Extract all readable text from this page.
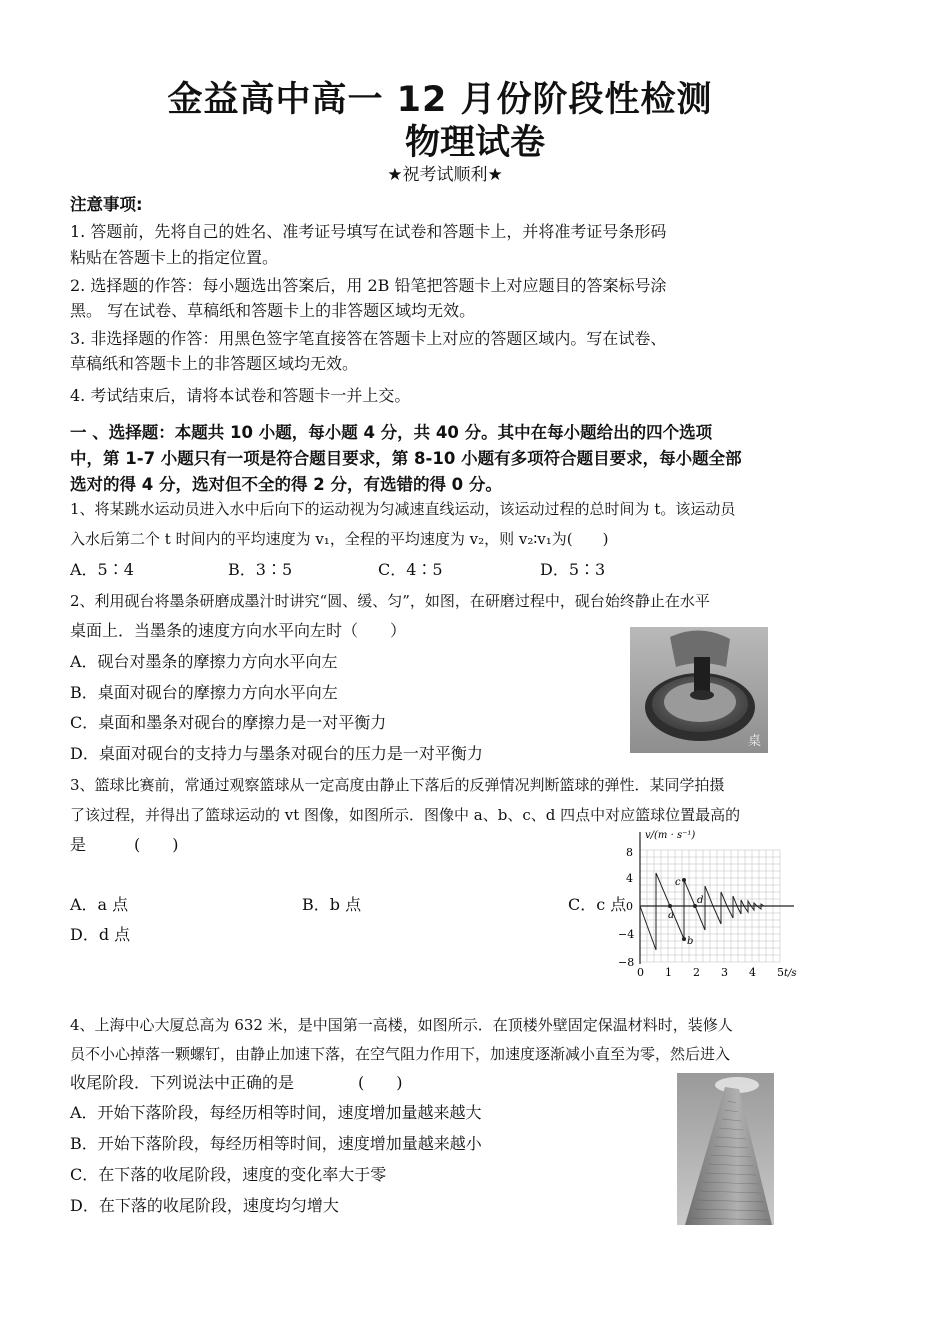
金益高中高一 12 月份阶段性检测
物理试卷
★祝考试顺利★
注意事项:
1. 答题前，先将自己的姓名、准考证号填写在试卷和答题卡上，并将准考证号条形码
粘贴在答题卡上的指定位置。
2. 选择题的作答：每小题选出答案后，用 2B 铅笔把答题卡上对应题目的答案标号涂
黑。 写在试卷、草稿纸和答题卡上的非答题区域均无效。
3. 非选择题的作答：用黑色签字笔直接答在答题卡上对应的答题区域内。写在试卷、
草稿纸和答题卡上的非答题区域均无效。
4. 考试结束后，请将本试卷和答题卡一并上交。
一 、选择题：本题共 10 小题，每小题 4 分，共 40 分。其中在每小题给出的四个选项
中，第 1-7 小题只有一项是符合题目要求，第 8-10 小题有多项符合题目要求，每小题全部
选对的得 4 分，选对但不全的得 2 分，有选错的得 0 分。
1、将某跳水运动员进入水中后向下的运动视为匀减速直线运动，该运动过程的总时间为 t。该运动员
入水后第二个 t 时间内的平均速度为 v₁，全程的平均速度为 v₂，则 v₂∶v₁为(　　)
A．5∶4	B．3∶5	C．4∶5	D．5∶3
2、利用砚台将墨条研磨成墨汁时讲究“圆、缓、匀”，如图，在研磨过程中，砚台始终静止在水平
桌面上．当墨条的速度方向水平向左时（　　）
A．砚台对墨条的摩擦力方向水平向左
B．桌面对砚台的摩擦力方向水平向左
C．桌面和墨条对砚台的摩擦力是一对平衡力
D．桌面对砚台的支持力与墨条对砚台的压力是一对平衡力
桌
3、篮球比赛前，常通过观察篮球从一定高度由静止下落后的反弹情况判断篮球的弹性．某同学拍摄
了该过程，并得出了篮球运动的 vt 图像，如图所示．图像中 a、b、c、d 四点中对应篮球位置最高的
是　　　(　　)
A．a 点	B．b 点	C．c 点
D．d 点
v/(m · s⁻¹)
t/s
8
4
0
−4
−8
0 1 2 3 4 5
a
b
c
d
4、上海中心大厦总高为 632 米，是中国第一高楼，如图所示．在顶楼外壁固定保温材料时，装修人
员不小心掉落一颗螺钉，由静止加速下落，在空气阻力作用下，加速度逐渐减小直至为零，然后进入
收尾阶段．下列说法中正确的是　　　　(　　)
A．开始下落阶段，每经历相等时间，速度增加量越来越大
B．开始下落阶段，每经历相等时间，速度增加量越来越小
C．在下落的收尾阶段，速度的变化率大于零
D．在下落的收尾阶段，速度均匀增大
